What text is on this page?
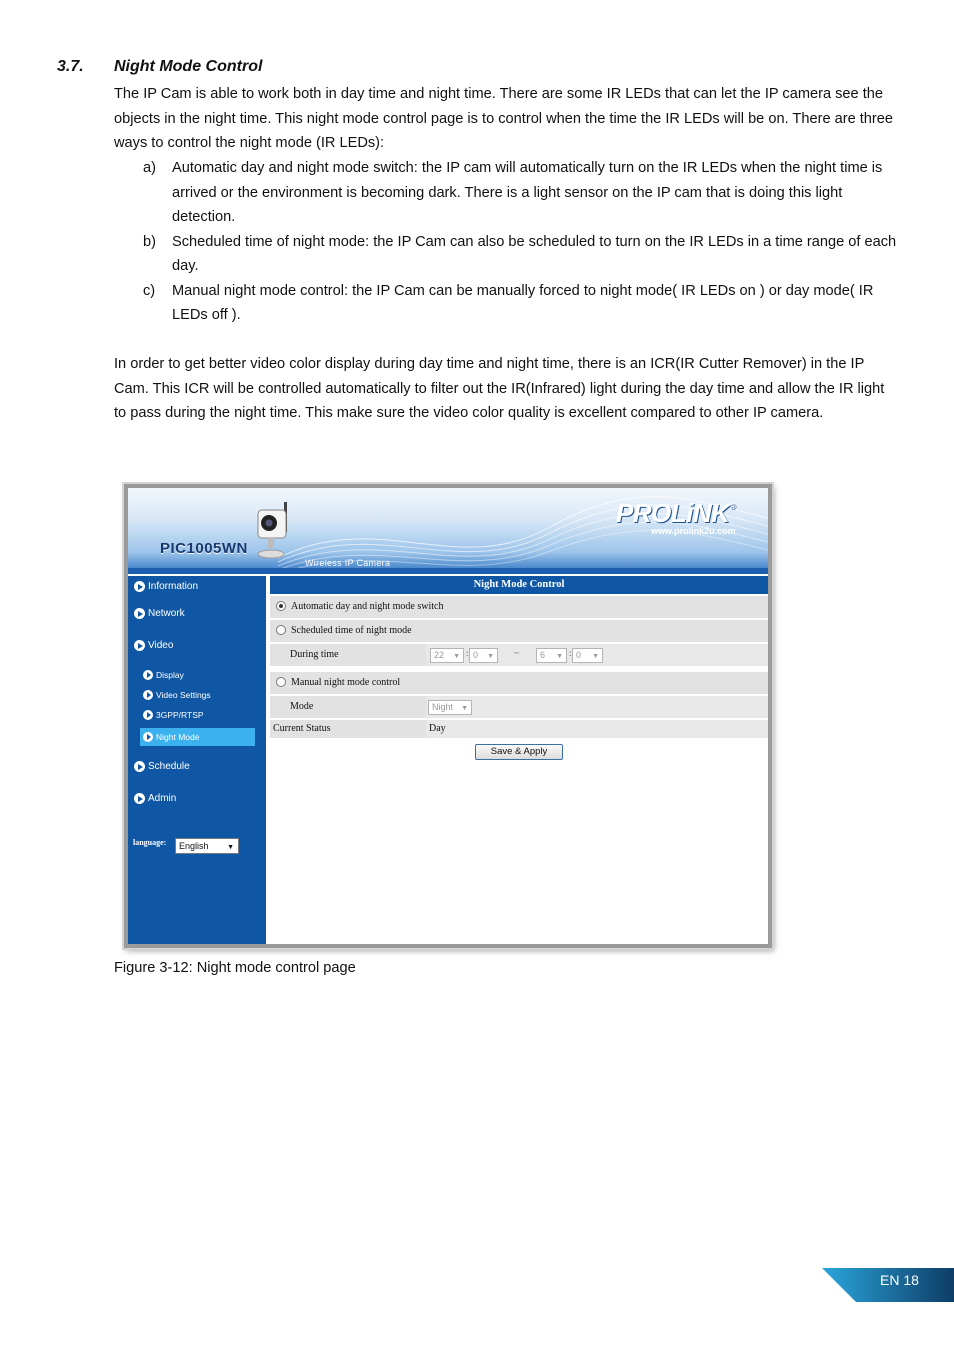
3.7. Night Mode Control

The IP Cam is able to work both in day time and night time. There are some IR LEDs that can let the IP camera see the objects in the night time. This night mode control page is to control when the time the IR LEDs will be on. There are three ways to control the night mode (IR LEDs):

a) Automatic day and night mode switch: the IP cam will automatically turn on the IR LEDs when the night time is arrived or the environment is becoming dark. There is a light sensor on the IP cam that is doing this light detection.
b) Scheduled time of night mode: the IP Cam can also be scheduled to turn on the IR LEDs in a time range of each day.
c) Manual night mode control: the IP Cam can be manually forced to night mode( IR LEDs on ) or day mode( IR LEDs off ).

In order to get better video color display during day time and night time, there is an ICR(IR Cutter Remover) in the IP Cam. This ICR will be controlled automatically to filter out the IR(Infrared) light during the day time and allow the IR light to pass during the night time. This make sure the video color quality is excellent compared to other IP camera.

PIC1005WN
Wireless IP Camera
PROLiNK®
www.prolink2u.com
Information
Network
Video
Display
Video Settings
3GPP/RTSP
Night Mode
Schedule
Admin
language:	English	▼
Night Mode Control
Automatic day and night mode switch
Scheduled time of night mode
During time	22 ▼ : 0 ▼ ~	6 ▼ : 0 ▼
Manual night mode control
Mode	Night ▼
Current Status	Day
Save & Apply
Figure 3-12: Night mode control page
EN 18
